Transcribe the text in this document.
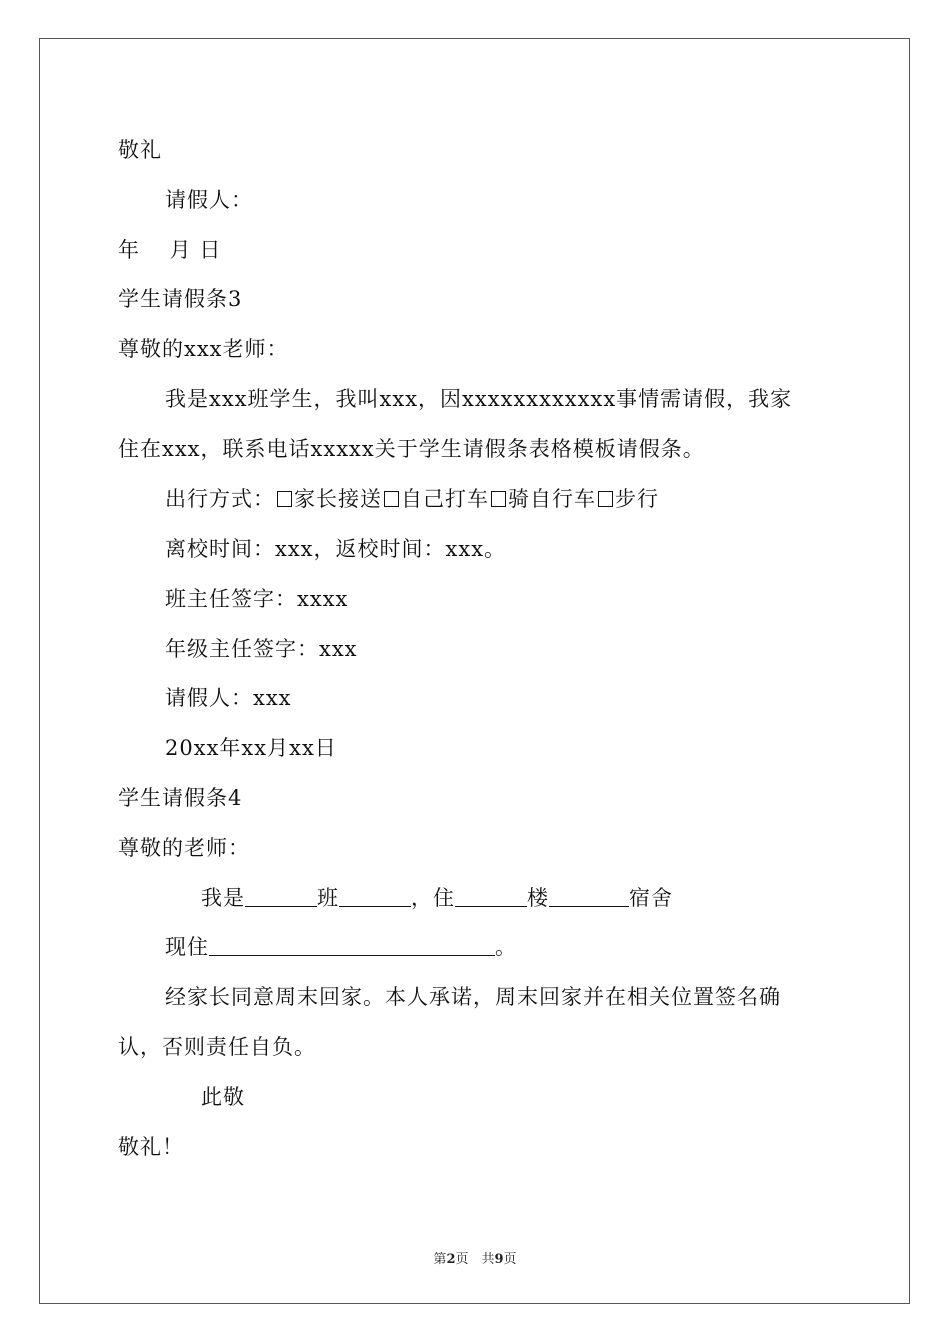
敬礼
请假人：
年　 月 日
学生请假条3
尊敬的xxx老师：
我是xxx班学生，我叫xxx，因xxxxxxxxxxxx事情需请假，我家
住在xxx，联系电话xxxxx关于学生请假条表格模板请假条。
出行方式： 家长接送 自己打车 骑自行车 步行
离校时间：xxx，返校时间：xxx。
班主任签字：xxxx
年级主任签字：xxx
请假人：xxx
20xx年xx月xx日
学生请假条4
尊敬的老师：
我是	班	，住	楼	宿舍
现住	。
经家长同意周末回家。本人承诺，周末回家并在相关位置签名确
认，否则责任自负。
此敬
敬礼！
第2页　共9页
